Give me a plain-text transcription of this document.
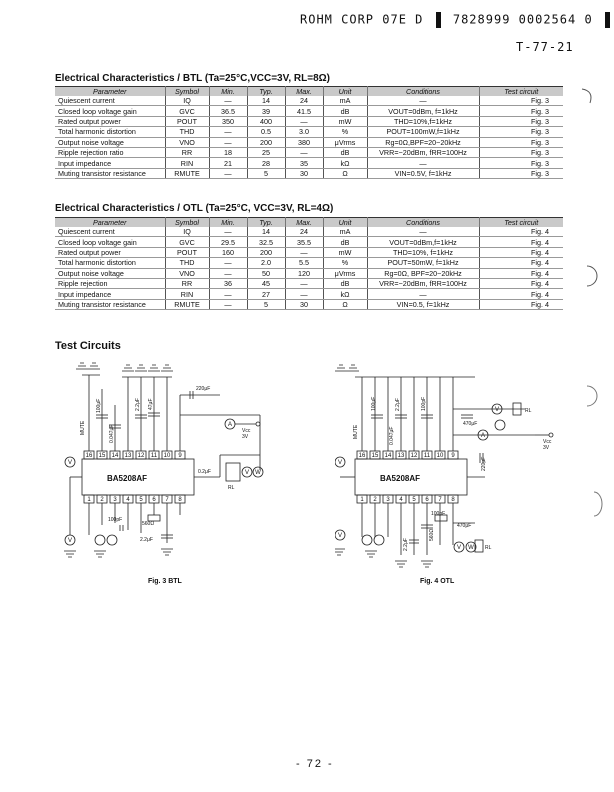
ROHM CORP 07E D 7828999 0002564 0
T-77-21
Electrical Characteristics / BTL (Ta=25°C,VCC=3V, RL=8Ω)
Parameter	Symbol	Min.	Typ.	Max.	Unit	Conditions	Test circuit
Quiescent current	IQ	—	14	24	mA	—	Fig. 3
Closed loop voltage gain	GVC	36.5	39	41.5	dB	VOUT=0dBm, f=1kHz	Fig. 3
Rated output power	POUT	350	400	—	mW	THD=10%,f=1kHz	Fig. 3
Total harmonic distortion	THD	—	0.5	3.0	%	POUT=100mW,f=1kHz	Fig. 3
Output noise voltage	VNO	—	200	380	μVrms	Rg=0Ω,BPF=20~20kHz	Fig. 3
Ripple rejection ratio	RR	18	25	—	dB	VRR=−20dBm, fRR=100Hz	Fig. 3
Input impedance	RIN	21	28	35	kΩ	—	Fig. 3
Muting transistor resistance	RMUTE	—	5	30	Ω	VIN=0.5V, f=1kHz	Fig. 3
Electrical Characteristics / OTL (Ta=25°C, VCC=3V, RL=4Ω)
Parameter	Symbol	Min.	Typ.	Max.	Unit	Conditions	Test circuit
Quiescent current	IQ	—	14	24	mA	—	Fig. 4
Closed loop voltage gain	GVC	29.5	32.5	35.5	dB	VOUT=0dBm,f=1kHz	Fig. 4
Rated output power	POUT	160	200	—	mW	THD=10%, f=1kHz	Fig. 4
Total harmonic distortion	THD	—	2.0	5.5	%	POUT=50mW, f=1kHz	Fig. 4
Output noise voltage	VNO	—	50	120	μVrms	Rg=0Ω, BPF=20~20kHz	Fig. 4
Ripple rejection	RR	36	45	—	dB	VRR=−20dBm, fRR=100Hz	Fig. 4
Input impedance	RIN	—	27	—	kΩ	—	Fig. 4
Muting transistor resistance	RMUTE	—	5	30	Ω	VIN=0.5, f=1kHz	Fig. 4
Test Circuits
16 15 14 13 12 11 10 9
1 2 3 4 5 6 7 8
A
V
V
V W
BA5208AF
Vcc
3V
220μF
0.2μF
RL
100pF
560Ω
2.2μF
MUTE
100μF
0.047μF
2.2μF 47μF
Fig. 3 BTL
16 15 14 13 12 11 10 9
1 2 3 4 5 6 7 8
V
A
V
V
V W
BA5208AF
RL
RL
Vcc
3V
470μF
470μF
220μF
100pF
560Ω
2.2μF
MUTE
100μF	2.2μF
0.047μF
100pF
Fig. 4 OTL
- 72 -
